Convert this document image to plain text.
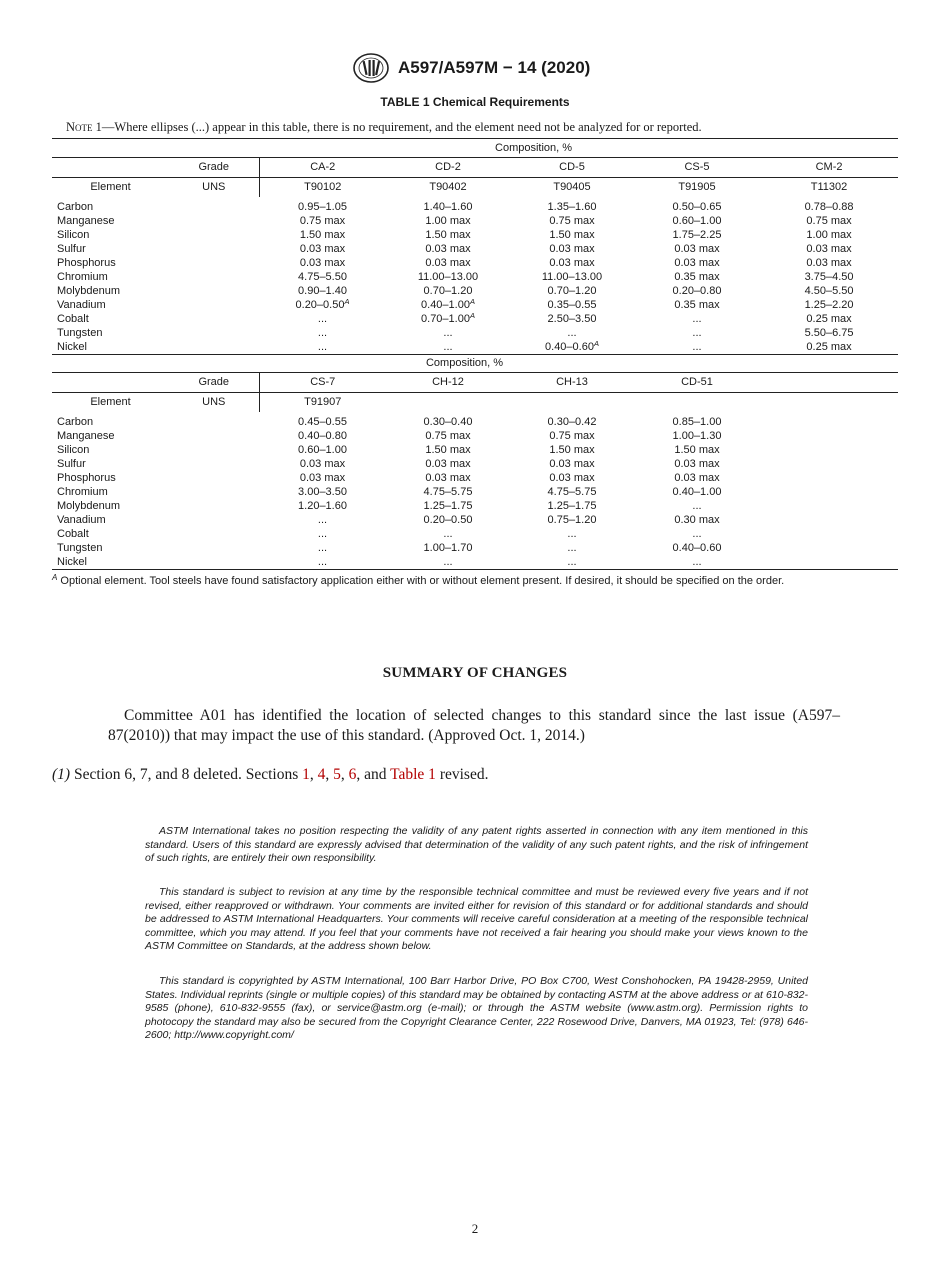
A597/A597M − 14 (2020)
TABLE 1 Chemical Requirements
Note 1—Where ellipses (...) appear in this table, there is no requirement, and the element need not be analyzed for or reported.
	Composition, %					
	Grade	CA-2	CD-2	CD-5	CS-5	CM-2
Element	UNS	T90102	T90402	T90405	T91905	T11302
Carbon		0.95–1.05	1.40–1.60	1.35–1.60	0.50–0.65	0.78–0.88
Manganese		0.75 max	1.00 max	0.75 max	0.60–1.00	0.75 max
Silicon		1.50 max	1.50 max	1.50 max	1.75–2.25	1.00 max
Sulfur		0.03 max	0.03 max	0.03 max	0.03 max	0.03 max
Phosphorus		0.03 max	0.03 max	0.03 max	0.03 max	0.03 max
Chromium		4.75–5.50	11.00–13.00	11.00–13.00	0.35 max	3.75–4.50
Molybdenum		0.90–1.40	0.70–1.20	0.70–1.20	0.20–0.80	4.50–5.50
Vanadium		$0.20-0.50^A$	$0.40-1.00^A$	0.35–0.55	0.35 max	1.25–2.20
Cobalt		...	$0.70-1.00^A$	2.50–3.50	...	0.25 max
Tungsten		...	...	...	...	5.50–6.75
Nickel		...	...	$0.40-0.60^A$	...	0.25 max
	Composition, %					
	Grade	CS-7	CH-12	CH-13	CD-51	
Element	UNS	T91907				
Carbon		0.45–0.55	0.30–0.40	0.30–0.42	0.85–1.00	
Manganese		0.40–0.80	0.75 max	0.75 max	1.00–1.30	
Silicon		0.60–1.00	1.50 max	1.50 max	1.50 max	
Sulfur		0.03 max	0.03 max	0.03 max	0.03 max	
Phosphorus		0.03 max	0.03 max	0.03 max	0.03 max	
Chromium		3.00–3.50	4.75–5.75	4.75–5.75	0.40–1.00	
Molybdenum		1.20–1.60	1.25–1.75	1.25–1.75	...	
Vanadium		...	0.20–0.50	0.75–1.20	0.30 max	
Cobalt		...	...	...	...	
Tungsten		...	1.00–1.70	...	0.40–0.60	
Nickel		...	...	...	...	
$^A$ Optional element. Tool steels have found satisfactory application either with or without element present. If desired, it should be specified on the order.
SUMMARY OF CHANGES
Committee A01 has identified the location of selected changes to this standard since the last issue (A597–87(2010)) that may impact the use of this standard. (Approved Oct. 1, 2014.)
(1) Section 6, 7, and 8 deleted. Sections 1, 4, 5, 6, and Table 1 revised.
ASTM International takes no position respecting the validity of any patent rights asserted in connection with any item mentioned in this standard. Users of this standard are expressly advised that determination of the validity of any such patent rights, and the risk of infringement of such rights, are entirely their own responsibility.
This standard is subject to revision at any time by the responsible technical committee and must be reviewed every five years and if not revised, either reapproved or withdrawn. Your comments are invited either for revision of this standard or for additional standards and should be addressed to ASTM International Headquarters. Your comments will receive careful consideration at a meeting of the responsible technical committee, which you may attend. If you feel that your comments have not received a fair hearing you should make your views known to the ASTM Committee on Standards, at the address shown below.
This standard is copyrighted by ASTM International, 100 Barr Harbor Drive, PO Box C700, West Conshohocken, PA 19428-2959, United States. Individual reprints (single or multiple copies) of this standard may be obtained by contacting ASTM at the above address or at 610-832-9585 (phone), 610-832-9555 (fax), or service@astm.org (e-mail); or through the ASTM website (www.astm.org). Permission rights to photocopy the standard may also be secured from the Copyright Clearance Center, 222 Rosewood Drive, Danvers, MA 01923, Tel: (978) 646-2600; http://www.copyright.com/
2
